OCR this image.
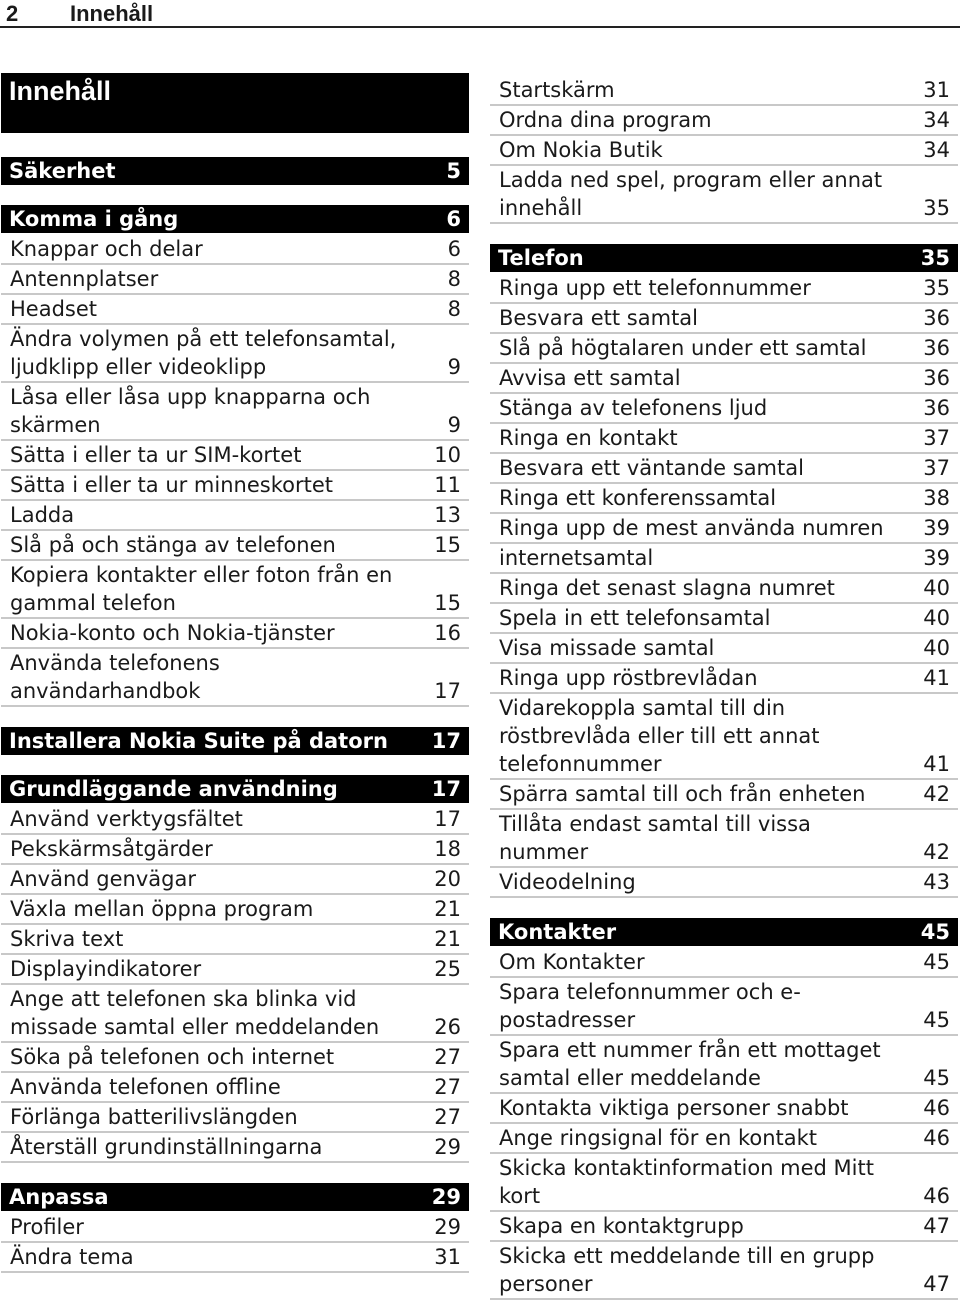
2 Innehåll
Innehåll
Säkerhet	5
Komma i gång	6
Knappar och delar	6
Antennplatser	8
Headset	8
Ändra volymen på ett telefonsamtal,
ljudklipp eller videoklipp	9
Låsa eller låsa upp knapparna och
skärmen	9
Sätta i eller ta ur SIM-kortet	10
Sätta i eller ta ur minneskortet	11
Ladda	13
Slå på och stänga av telefonen	15
Kopiera kontakter eller foton från en
gammal telefon	15
Nokia-konto och Nokia-tjänster	16
Använda telefonens
användarhandbok	17
Installera Nokia Suite på datorn 17
Grundläggande användning	17
Använd verktygsfältet	17
Pekskärmsåtgärder	18
Använd genvägar	20
Växla mellan öppna program	21
Skriva text	21
Displayindikatorer	25
Ange att telefonen ska blinka vid
missade samtal eller meddelanden	26
Söka på telefonen och internet	27
Använda telefonen offline	27
Förlänga batterilivslängden	27
Återställ grundinställningarna	29
Anpassa	29
Profiler	29
Ändra tema	31
Startskärm	31
Ordna dina program	34
Om Nokia Butik	34
Ladda ned spel, program eller annat
innehåll	35
Telefon	35
Ringa upp ett telefonnummer	35
Besvara ett samtal	36
Slå på högtalaren under ett samtal	36
Avvisa ett samtal	36
Stänga av telefonens ljud	36
Ringa en kontakt	37
Besvara ett väntande samtal	37
Ringa ett konferenssamtal	38
Ringa upp de mest använda numren	39
internetsamtal	39
Ringa det senast slagna numret	40
Spela in ett telefonsamtal	40
Visa missade samtal	40
Ringa upp röstbrevlådan	41
Vidarekoppla samtal till din
röstbrevlåda eller till ett annat
telefonnummer	41
Spärra samtal till och från enheten	42
Tillåta endast samtal till vissa
nummer	42
Videodelning	43
Kontakter	45
Om Kontakter	45
Spara telefonnummer och e-
postadresser	45
Spara ett nummer från ett mottaget
samtal eller meddelande	45
Kontakta viktiga personer snabbt	46
Ange ringsignal för en kontakt	46
Skicka kontaktinformation med Mitt
kort	46
Skapa en kontaktgrupp	47
Skicka ett meddelande till en grupp
personer	47
